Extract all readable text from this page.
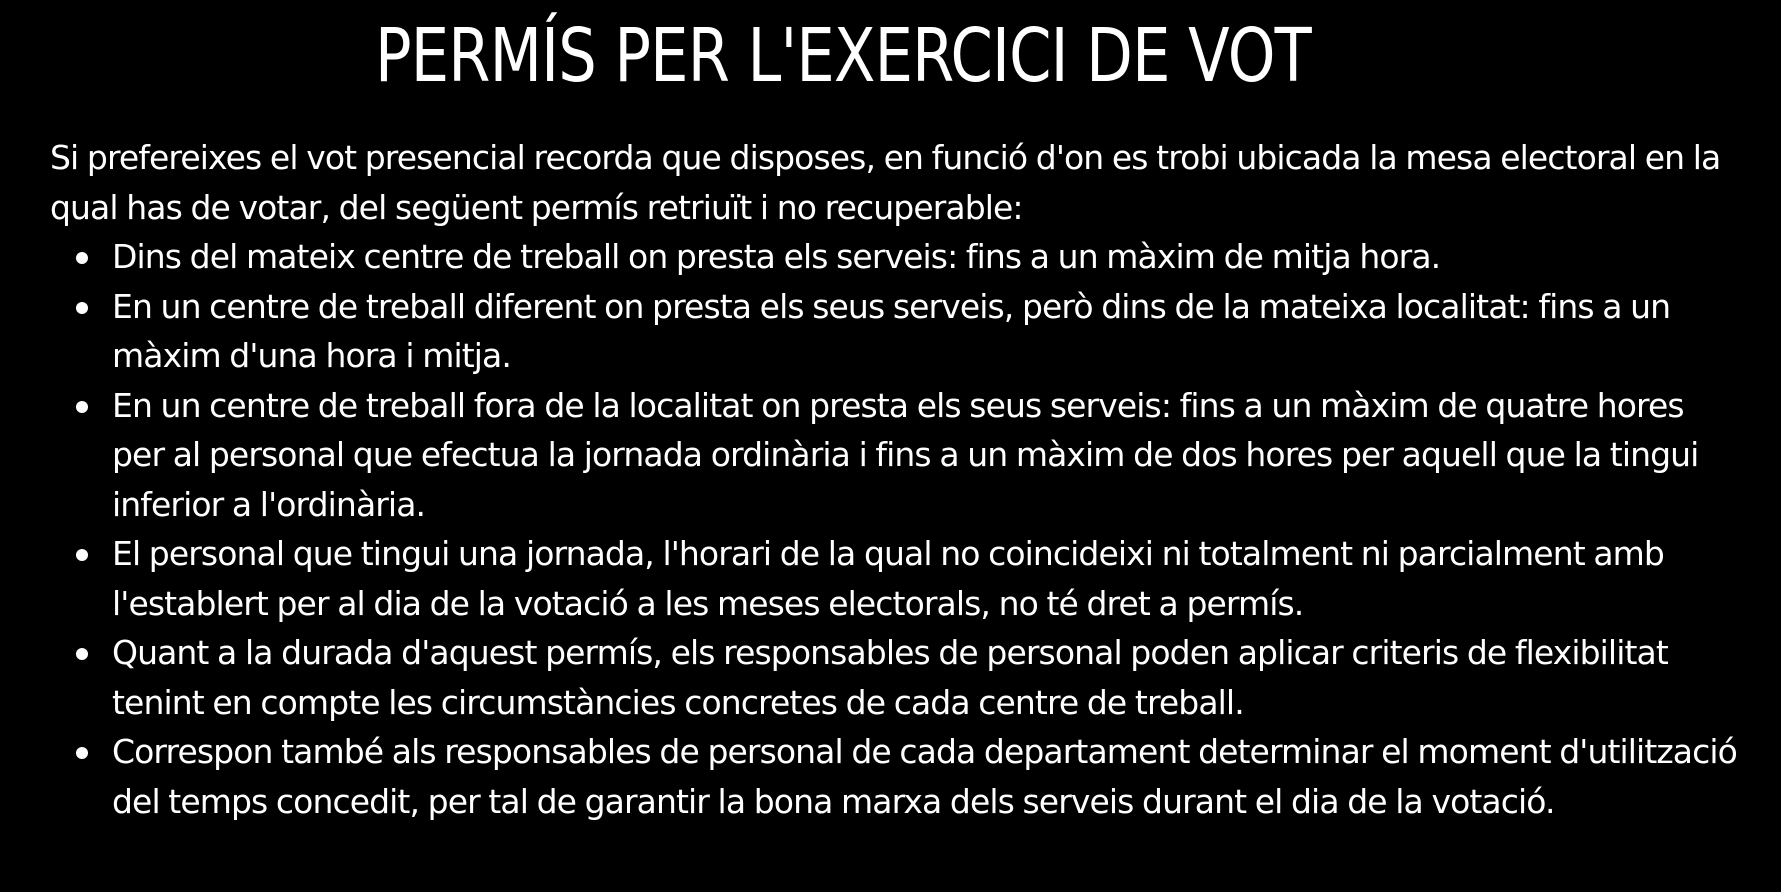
PERMÍS PER L'EXERCICI DE VOT

Si prefereixes el vot presencial recorda que disposes, en funció d'on es trobi ubicada la mesa electoral en la qual has de votar, del següent permís retriuït i no recuperable:

Dins del mateix centre de treball on presta els serveis: fins a un màxim de mitja hora.
En un centre de treball diferent on presta els seus serveis, però dins de la mateixa localitat: fins a un màxim d'una hora i mitja.
En un centre de treball fora de la localitat on presta els seus serveis: fins a un màxim de quatre hores per al personal que efectua la jornada ordinària i fins a un màxim de dos hores per aquell que la tingui inferior a l'ordinària.
El personal que tingui una jornada, l'horari de la qual no coincideixi ni totalment ni parcialment amb l'establert per al dia de la votació a les meses electorals, no té dret a permís.
Quant a la durada d'aquest permís, els responsables de personal poden aplicar criteris de flexibilitat tenint en compte les circumstàncies concretes de cada centre de treball.
Correspon també als responsables de personal de cada departament determinar el moment d'utilització del temps concedit, per tal de garantir la bona marxa dels serveis durant el dia de la votació.
